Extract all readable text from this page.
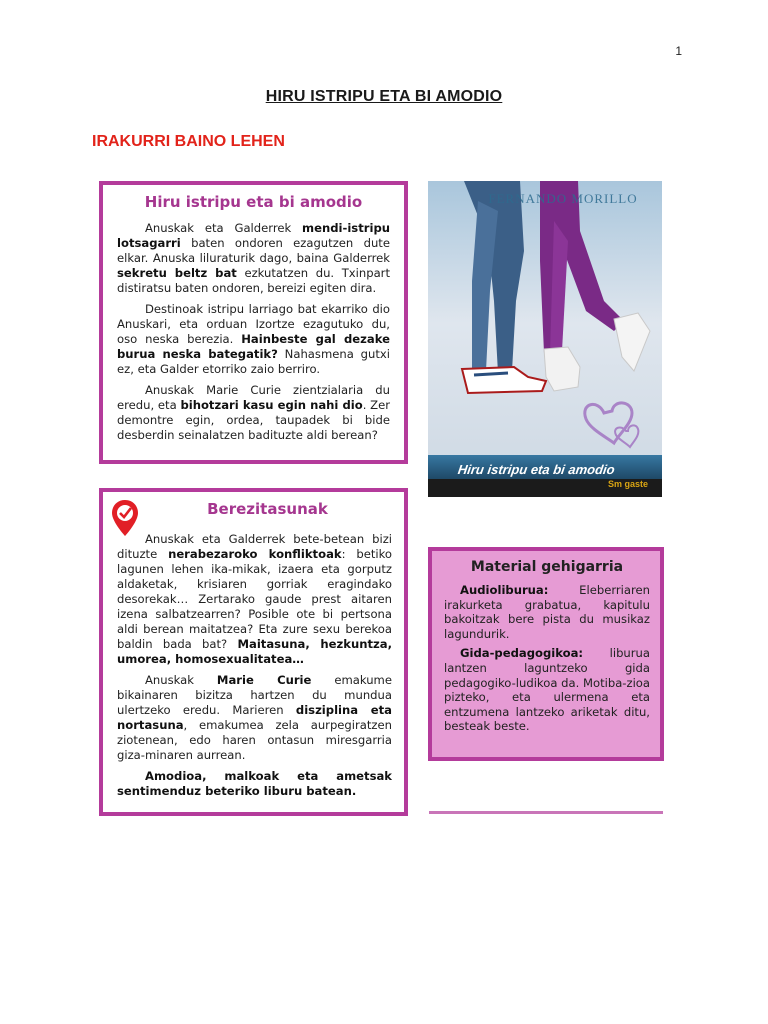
1
HIRU ISTRIPU ETA BI AMODIO
IRAKURRI BAINO LEHEN
Hiru istripu eta bi amodio

Anuskak eta Galderrek mendi-istripu lotsagarri baten ondoren ezagutzen dute elkar. Anuska liluraturik dago, baina Galderrek sekretu beltz bat ezkutatzen du. Txinpart distiratsu baten ondoren, bereizi egiten dira.

Destinoak istripu larriago bat ekarriko dio Anuskari, eta orduan Izortze ezagutuko du, oso neska berezia. Hainbeste gal dezake burua neska bategatik? Nahasmena gutxi ez, eta Galder etorriko zaio berriro.

Anuskak Marie Curie zientzialaria du eredu, eta bihotzari kasu egin nahi dio. Zer demontre egin, ordea, taupadek bi bide desberdin seinalatzen badituzte aldi berean?

FERNANDO MORILLO
Hiru istripu eta bi amodio
Sm gaste
Berezitasunak

Anuskak eta Galderrek bete-betean bizi dituzte nerabezaroko konfliktoak: betiko lagunen lehen ika-mikak, izaera eta gorputz aldaketak, krisiaren gorriak eragindako desorekak… Zertarako gaude prest aitaren izena salbatzearren? Posible ote bi pertsona aldi berean maitatzea? Eta zure sexu berekoa baldin bada bat? Maitasuna, hezkuntza, umorea, homosexualitatea…

Anuskak Marie Curie emakume bikainaren bizitza hartzen du mundua ulertzeko eredu. Marieren disziplina eta nortasuna, emakumea zela aurpegiratzen ziotenean, edo haren ontasun miresgarria giza-minaren aurrean.

Amodioa, malkoak eta ametsak sentimenduz beteriko liburu batean.

Material gehigarria

Audioliburua: Eleberriaren irakurketa grabatua, kapitulu bakoitzak bere pista du musikaz lagundurik.

Gida-pedagogikoa: liburua lantzen laguntzeko gida pedagogiko-ludikoa da. Motiba-zioa pizteko, eta ulermena eta entzumena lantzeko ariketak ditu, besteak beste.
